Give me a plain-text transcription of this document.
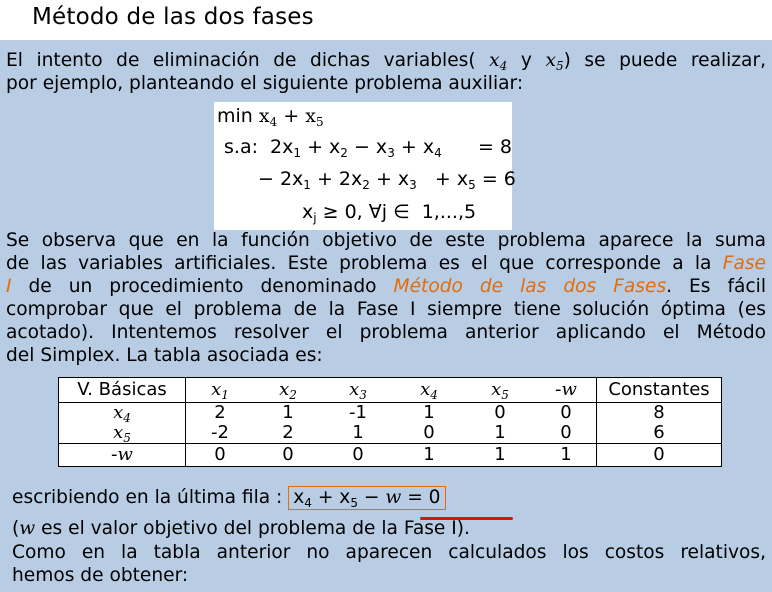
Método de las dos fases

El intento de eliminación de dichas variables( $x_4$ y $x_5$) se puede realizar,

por ejemplo, planteando el siguiente problema auxiliar:

$\min x_4 + x_5$
s.a:  $2x_1 + x_2 - x_3 + x_4$      = 8
− $2x_1 + 2x_2 + x_3 + x_5 = 6$
$x_j \ge 0$, ∀j ∈  1,...,5

Se observa que en la función objetivo de este problema aparece la suma

de las variables artificiales. Este problema es el que corresponde a la Fase

I de un procedimiento denominado Método de las dos Fases. Es fácil

comprobar que el problema de la Fase I siempre tiene solución óptima (es

acotado). Intentemos resolver el problema anterior aplicando el Método

del Simplex. La tabla asociada es:

V. Básicas	$x_1$	$x_2$	$x_3$	$x_4$	$x_5$	-w	Constantes
$x_4$	2	1	-1	1	0	0	8
$x_5$	-2	2	1	0	1	0	6
-w	0	0	0	1	1	1	0

escribiendo en la última fila : $x_4 + x_5 - w = 0$

(w es el valor objetivo del problema de la Fase I).

Como en la tabla anterior no aparecen calculados los costos relativos,

hemos de obtener:
